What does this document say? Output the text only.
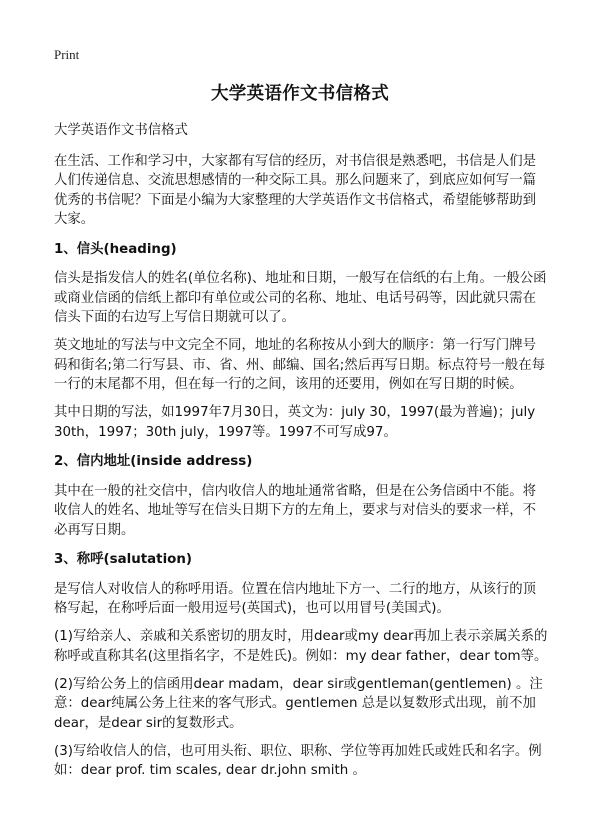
Print
大学英语作文书信格式

大学英语作文书信格式

在生活、工作和学习中，大家都有写信的经历，对书信很是熟悉吧，书信是人们是人们传递信息、交流思想感情的一种交际工具。那么问题来了，到底应如何写一篇优秀的书信呢？下面是小编为大家整理的大学英语作文书信格式，希望能够帮助到大家。

1、信头(heading)

信头是指发信人的姓名(单位名称)、地址和日期，一般写在信纸的右上角。一般公函或商业信函的信纸上都印有单位或公司的名称、地址、电话号码等，因此就只需在信头下面的右边写上写信日期就可以了。

英文地址的写法与中文完全不同，地址的名称按从小到大的顺序：第一行写门牌号码和街名;第二行写县、市、省、州、邮编、国名;然后再写日期。标点符号一般在每一行的末尾都不用，但在每一行的之间，该用的还要用，例如在写日期的时候。

其中日期的写法，如1997年7月30日，英文为：july 30，1997(最为普遍)；july 30th，1997；30th july，1997等。1997不可写成97。

2、信内地址(inside address)

其中在一般的社交信中，信内收信人的地址通常省略，但是在公务信函中不能。将收信人的姓名、地址等写在信头日期下方的左角上，要求与对信头的要求一样，不必再写日期。

3、称呼(salutation)

是写信人对收信人的称呼用语。位置在信内地址下方一、二行的地方，从该行的顶格写起，在称呼后面一般用逗号(英国式)，也可以用冒号(美国式)。

(1)写给亲人、亲戚和关系密切的朋友时，用dear或my dear再加上表示亲属关系的称呼或直称其名(这里指名字，不是姓氏)。例如：my dear father，dear tom等。

(2)写给公务上的信函用dear madam，dear sir或gentleman(gentlemen) 。注意：dear纯属公务上往来的客气形式。gentlemen 总是以复数形式出现，前不加dear，是dear sir的复数形式。

(3)写给收信人的信，也可用头衔、职位、职称、学位等再加姓氏或姓氏和名字。例如：dear prof. tim scales, dear dr.john smith 。
